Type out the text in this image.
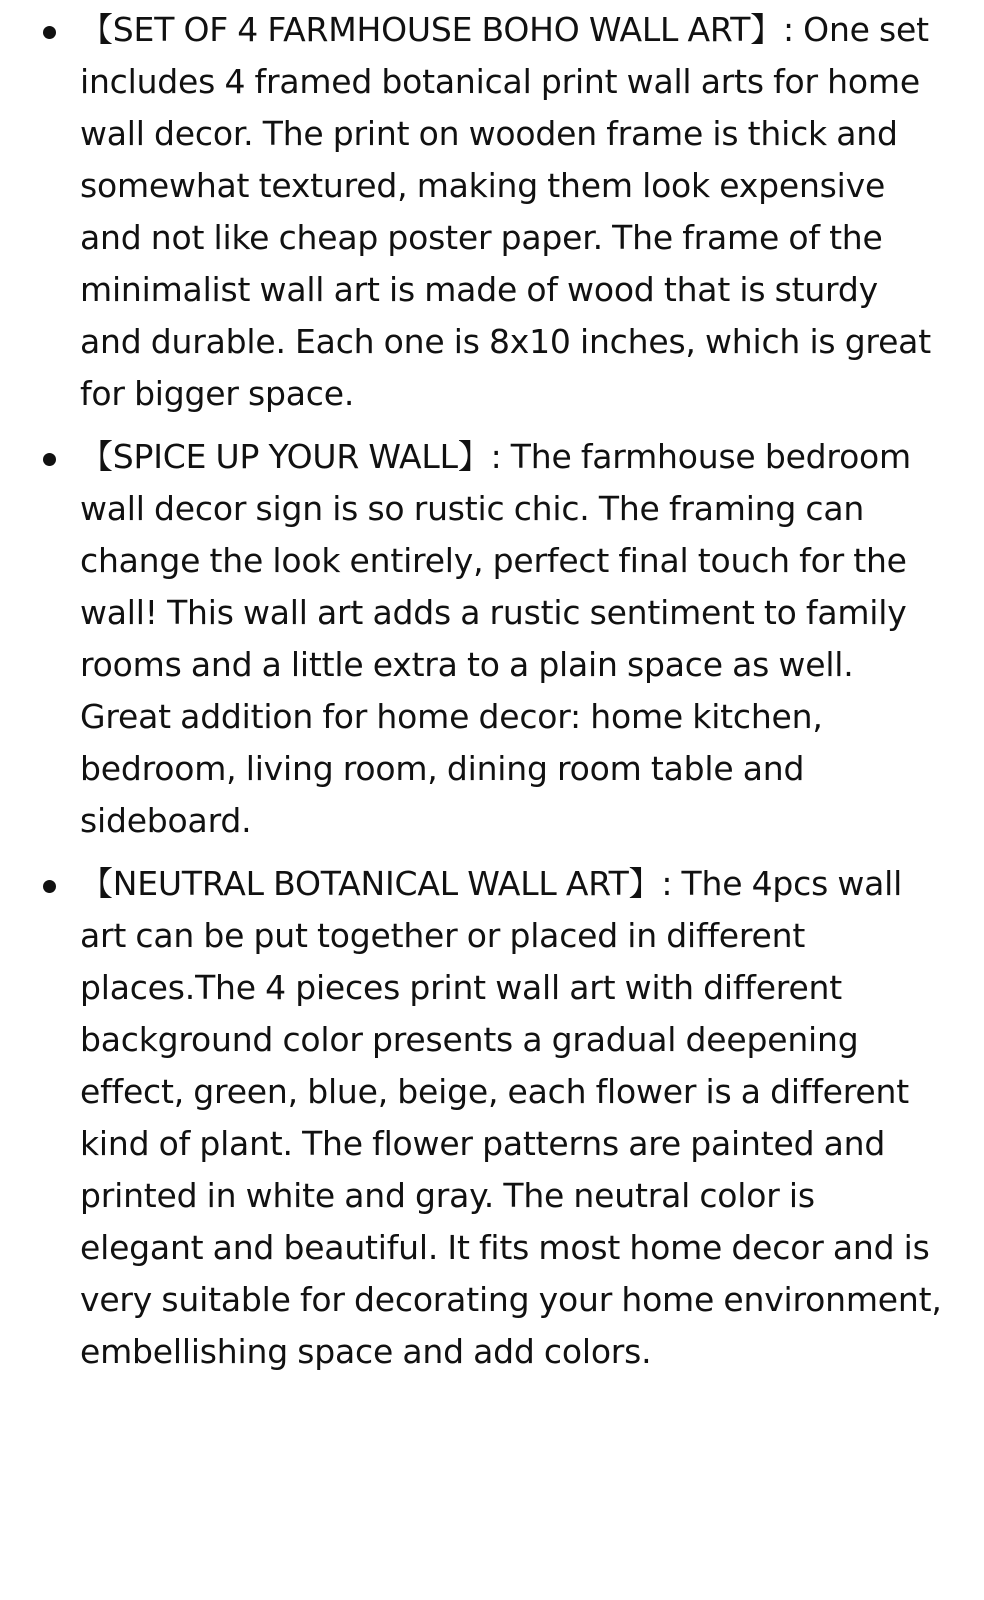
【SET OF 4 FARMHOUSE BOHO WALL ART】: One set includes 4 framed botanical print wall arts for home wall decor. The print on wooden frame is thick and somewhat textured, making them look expensive and not like cheap poster paper. The frame of the minimalist wall art is made of wood that is sturdy and durable. Each one is 8x10 inches, which is great for bigger space.

【SPICE UP YOUR WALL】: The farmhouse bedroom wall decor sign is so rustic chic. The framing can change the look entirely, perfect final touch for the wall! This wall art adds a rustic sentiment to family rooms and a little extra to a plain space as well. Great addition for home decor: home kitchen, bedroom, living room, dining room table and sideboard.

【NEUTRAL BOTANICAL WALL ART】: The 4pcs wall art can be put together or placed in different places.The 4 pieces print wall art with different background color presents a gradual deepening effect, green, blue, beige, each flower is a different kind of plant. The flower patterns are painted and printed in white and gray. The neutral color is elegant and beautiful. It fits most home decor and is very suitable for decorating your home environment, embellishing space and add colors.
